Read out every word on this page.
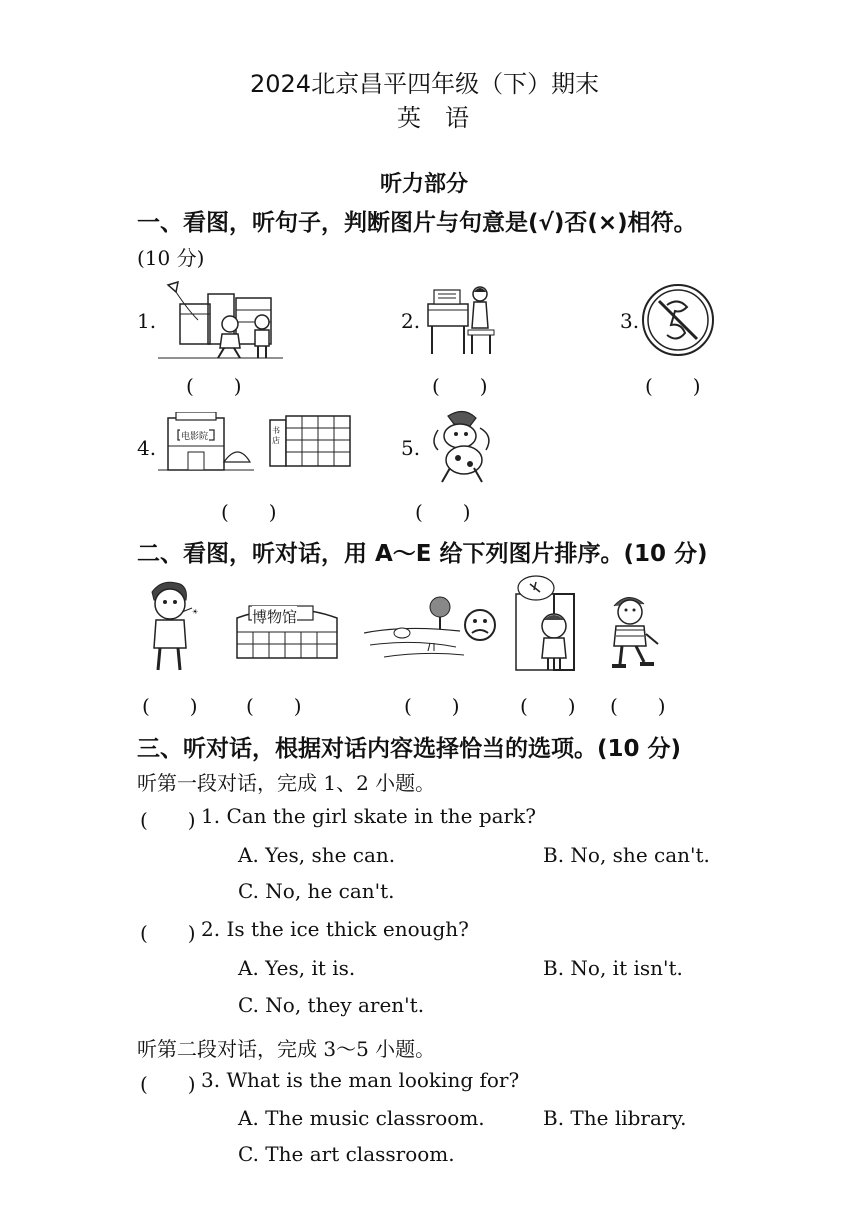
2024北京昌平四年级（下）期末
英　语
听力部分
一、看图，听句子，判断图片与句意是(√)否(×)相符。
(10 分)
1.	2.	3.
(　　)	(　　)	(　　)
4.	电影院
书店	5.
(　　)	(　　)
二、看图，听对话，用 A～E 给下列图片排序。(10 分)
☀	博物馆
(　　) (　　)	(　　)	(　　) (　　)
三、听对话，根据对话内容选择恰当的选项。(10 分)
听第一段对话，完成 1、2 小题。
(　　) 1. Can the girl skate in the park?
A. Yes, she can.	B. No, she can't.
C. No, he can't.
(　　) 2. Is the ice thick enough?
A. Yes, it is.	B. No, it isn't.
C. No, they aren't.
听第二段对话，完成 3～5 小题。
(　　) 3. What is the man looking for?
A. The music classroom.	B. The library.
C. The art classroom.
